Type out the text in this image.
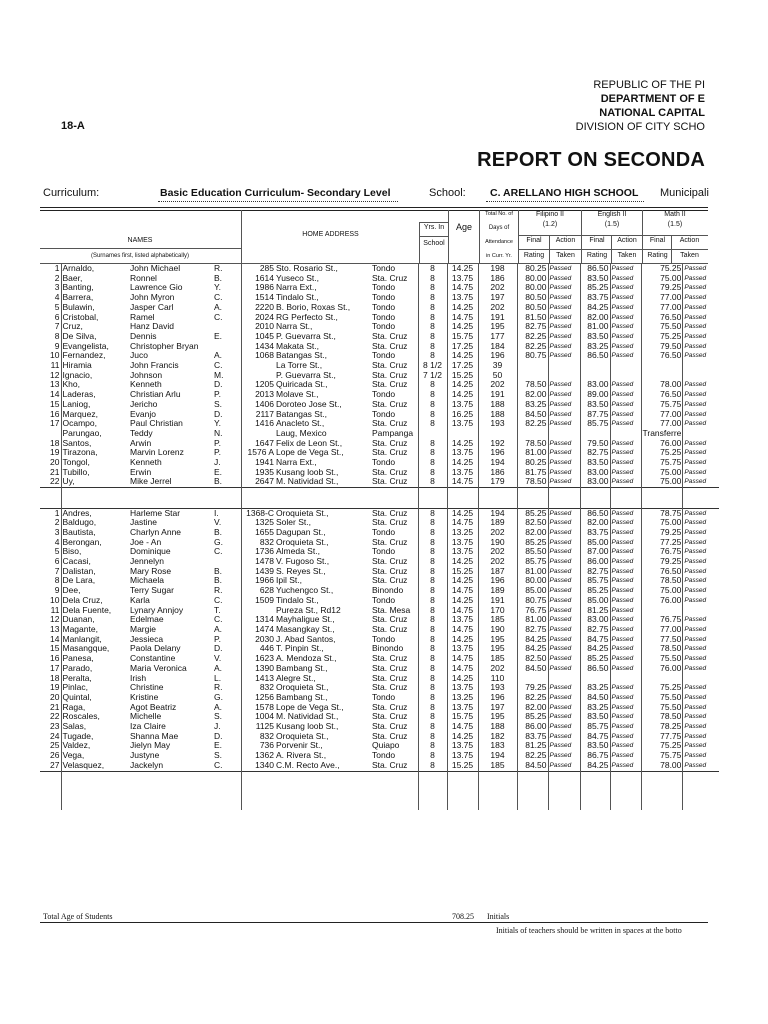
REPUBLIC OF THE PI
DEPARTMENT OF E
NATIONAL CAPITAL
18-A	DIVISION OF CITY SCHO
REPORT ON SECONDA
Curriculum:	Basic Education Curriculum- Secondary Level	School: C. ARELLANO HIGH SCHOOL Municipali
NAMES
(Surnames first, listed alphabetically)
HOME ADDRESS
Yrs. In
School
Age
Total No. of
Days of
Attendance
in Curr. Yr.
Filipino II
(1.2)
English II
(1.5)
Math II
(1.5)
Final	Action
Rating	Taken
Final	Action
Rating	Taken
Final	Action
Rating	Taken
1	Arnaldo,	John Michael	R.	285	Sto. Rosario St.,	Tondo	8	14.25	198	80.25	Passed	86.50	Passed	75.25	Passed
2	Baer,	Ronnel	B.	1614	Yuseco St.,	Sta. Cruz	8	13.75	186	80.00	Passed	83.50	Passed	75.00	Passed
3	Banting,	Lawrence Gio	Y.	1986	Narra Ext.,	Tondo	8	14.75	202	80.00	Passed	85.25	Passed	79.25	Passed
4	Barrera,	John Myron	C.	1514	Tindalo St.,	Tondo	8	13.75	197	80.50	Passed	83.75	Passed	77.00	Passed
5	Bulawin,	Jasper Carl	A.	2220	B. Borio, Roxas St.,	Tondo	8	14.25	202	80.50	Passed	84.25	Passed	77.00	Passed
6	Cristobal,	Ramel	C.	2024	RG Perfecto St.,	Tondo	8	14.75	191	81.50	Passed	82.00	Passed	76.50	Passed
7	Cruz,	Hanz David		2010	Narra St.,	Tondo	8	14.25	195	82.75	Passed	81.00	Passed	75.50	Passed
8	De Silva,	Dennis	E.	1045	P. Guevarra St.,	Sta. Cruz	8	15.75	177	82.25	Passed	83.50	Passed	75.25	Passed
9	Evangelista,	Christopher Bryan		1434	Makata St.,	Sta. Cruz	8	17.25	184	82.25	Passed	83.25	Passed	79.50	Passed
10	Fernandez,	Juco	A.	1068	Batangas St.,	Tondo	8	14.25	196	80.75	Passed	86.50	Passed	76.50	Passed
11	Hiramia	John Francis	C.		La Torre St.,	Sta. Cruz	8 1/2	17.25	39						
12	Ignacio,	Johnson	M.		P. Guevarra St.,	Sta. Cruz	7 1/2	15.25	50						
13	Kho,	Kenneth	D.	1205	Quiricada St.,	Sta. Cruz	8	14.25	202	78.50	Passed	83.00	Passed	78.00	Passed
14	Laderas,	Christian Arlu	P.	2013	Molave St.,	Tondo	8	14.25	191	82.00	Passed	89.00	Passed	76.50	Passed
15	Laniog,	Jericho	S.	1406	Doroteo Jose St.,	Sta. Cruz	8	13.75	188	83.25	Passed	83.50	Passed	75.75	Passed
16	Marquez,	Evanjo	D.	2117	Batangas St.,	Tondo	8	16.25	188	84.50	Passed	87.75	Passed	77.00	Passed
17	Ocampo,	Paul Christian	Y.	1416	Anacleto St.,	Sta. Cruz	8	13.75	193	82.25	Passed	85.75	Passed	77.00	Passed
	Parungao,	Teddy	N.		Laug, Mexico	Pampanga								Transferre	
18	Santos,	Arwin	P.	1647	Felix de Leon St.,	Sta. Cruz	8	14.25	192	78.50	Passed	79.50	Passed	76.00	Passed
19	Tirazona,	Marvin Lorenz	P.	1576 A	Lope de Vega St.,	Sta. Cruz	8	13.75	196	81.00	Passed	82.75	Passed	75.25	Passed
20	Tongol,	Kenneth	J.	1941	Narra Ext.,	Tondo	8	14.25	194	80.25	Passed	83.50	Passed	75.75	Passed
21	Tubillo,	Erwin	E.	1935	Kusang loob St.,	Sta. Cruz	8	13.75	186	81.75	Passed	83.00	Passed	75.00	Passed
22	Uy,	Mike Jerrel	B.	2647	M. Natividad St.,	Sta. Cruz	8	14.75	179	78.50	Passed	83.00	Passed	75.00	Passed

1	Andres,	Harleme Star	I.	1368-C	Oroquieta St.,	Sta. Cruz	8	14.25	194	85.25	Passed	86.50	Passed	78.75	Passed
2	Baldugo,	Jastine	V.	1325	Soler St.,	Sta. Cruz	8	14.75	189	82.50	Passed	82.00	Passed	75.00	Passed
3	Bautista,	Charlyn Anne	B.	1655	Dagupan St.,	Tondo	8	13.25	202	82.00	Passed	83.75	Passed	79.25	Passed
4	Berongan,	Joe - An	G.	832	Oroquieta St.,	Sta. Cruz	8	13.75	190	85.25	Passed	85.00	Passed	77.25	Passed
5	Biso,	Dominique	C.	1736	Almeda St.,	Tondo	8	13.75	202	85.50	Passed	87.00	Passed	76.75	Passed
6	Cacasi,	Jennelyn		1478	V. Fugoso St.,	Sta. Cruz	8	14.25	202	85.75	Passed	86.00	Passed	79.25	Passed
7	Dalistan,	Mary Rose	B.	1439	S. Reyes St.,	Sta. Cruz	8	15.25	187	81.00	Passed	82.75	Passed	76.50	Passed
8	De Lara,	Michaela	B.	1966	Ipil St.,	Sta. Cruz	8	14.25	196	80.00	Passed	85.75	Passed	78.50	Passed
9	Dee,	Terry Sugar	R.	628	Yuchengco St.,	Binondo	8	14.75	189	85.00	Passed	85.25	Passed	75.00	Passed
10	Dela Cruz,	Karla	C.	1509	Tindalo St.,	Tondo	8	14.25	191	80.75	Passed	85.00	Passed	76.00	Passed
11	Dela Fuente,	Lynary Annjoy	T.		Pureza St., Rd12	Sta. Mesa	8	14.75	170	76.75	Passed	81.25	Passed		
12	Duanan,	Edelmae	C.	1314	Mayhaligue St.,	Sta. Cruz	8	13.75	185	81.00	Passed	83.00	Passed	76.75	Passed
13	Magante,	Margie	A.	1474	Masangkay St.,	Sta. Cruz	8	14.75	190	82.75	Passed	82.75	Passed	77.00	Passed
14	Manlangit,	Jessieca	P.	2030	J. Abad Santos,	Tondo	8	14.25	195	84.25	Passed	84.75	Passed	77.50	Passed
15	Masangque,	Paola Delany	D.	446	T. Pinpin St.,	Binondo	8	13.75	195	84.25	Passed	84.25	Passed	78.50	Passed
16	Panesa,	Constantine	V.	1623	A. Mendoza St.,	Sta. Cruz	8	14.75	185	82.50	Passed	85.25	Passed	75.50	Passed
17	Parado,	Maria Veronica	A.	1390	Bambang St.,	Sta. Cruz	8	14.75	202	84.50	Passed	86.50	Passed	76.00	Passed
18	Peralta,	Irish	L.	1413	Alegre St.,	Sta. Cruz	8	14.25	110						
19	Pinlac,	Christine	R.	832	Oroquieta St.,	Sta. Cruz	8	13.75	193	79.25	Passed	83.25	Passed	75.25	Passed
20	Quintal,	Kristine	G.	1256	Bambang St.,	Tondo	8	13.25	196	82.25	Passed	84.50	Passed	75.50	Passed
21	Raga,	Agot Beatriz	A.	1578	Lope de Vega St.,	Sta. Cruz	8	13.75	197	82.00	Passed	83.25	Passed	75.50	Passed
22	Roscales,	Michelle	S.	1004	M. Natividad St.,	Sta. Cruz	8	15.75	195	85.25	Passed	83.50	Passed	78.50	Passed
23	Salas,	Iza Claire	J.	1125	Kusang loob St.,	Sta. Cruz	8	14.75	188	86.00	Passed	85.75	Passed	78.25	Passed
24	Tugade,	Shanna Mae	D.	832	Oroquieta St.,	Sta. Cruz	8	14.25	182	83.75	Passed	84.75	Passed	77.75	Passed
25	Valdez,	Jielyn May	E.	736	Porvenir St.,	Quiapo	8	13.75	183	81.25	Passed	83.50	Passed	75.25	Passed
26	Vega,	Justyne	S.	1362	A. Rivera St.,	Tondo	8	13.75	194	82.25	Passed	86.75	Passed	75.75	Passed
27	Velasquez,	Jackelyn	C.	1340	C.M. Recto Ave.,	Sta. Cruz	8	15.25	185	84.50	Passed	84.25	Passed	78.00	Passed

Total Age of Students	708.25 Initials
Initials of teachers should be written in spaces at the botto
